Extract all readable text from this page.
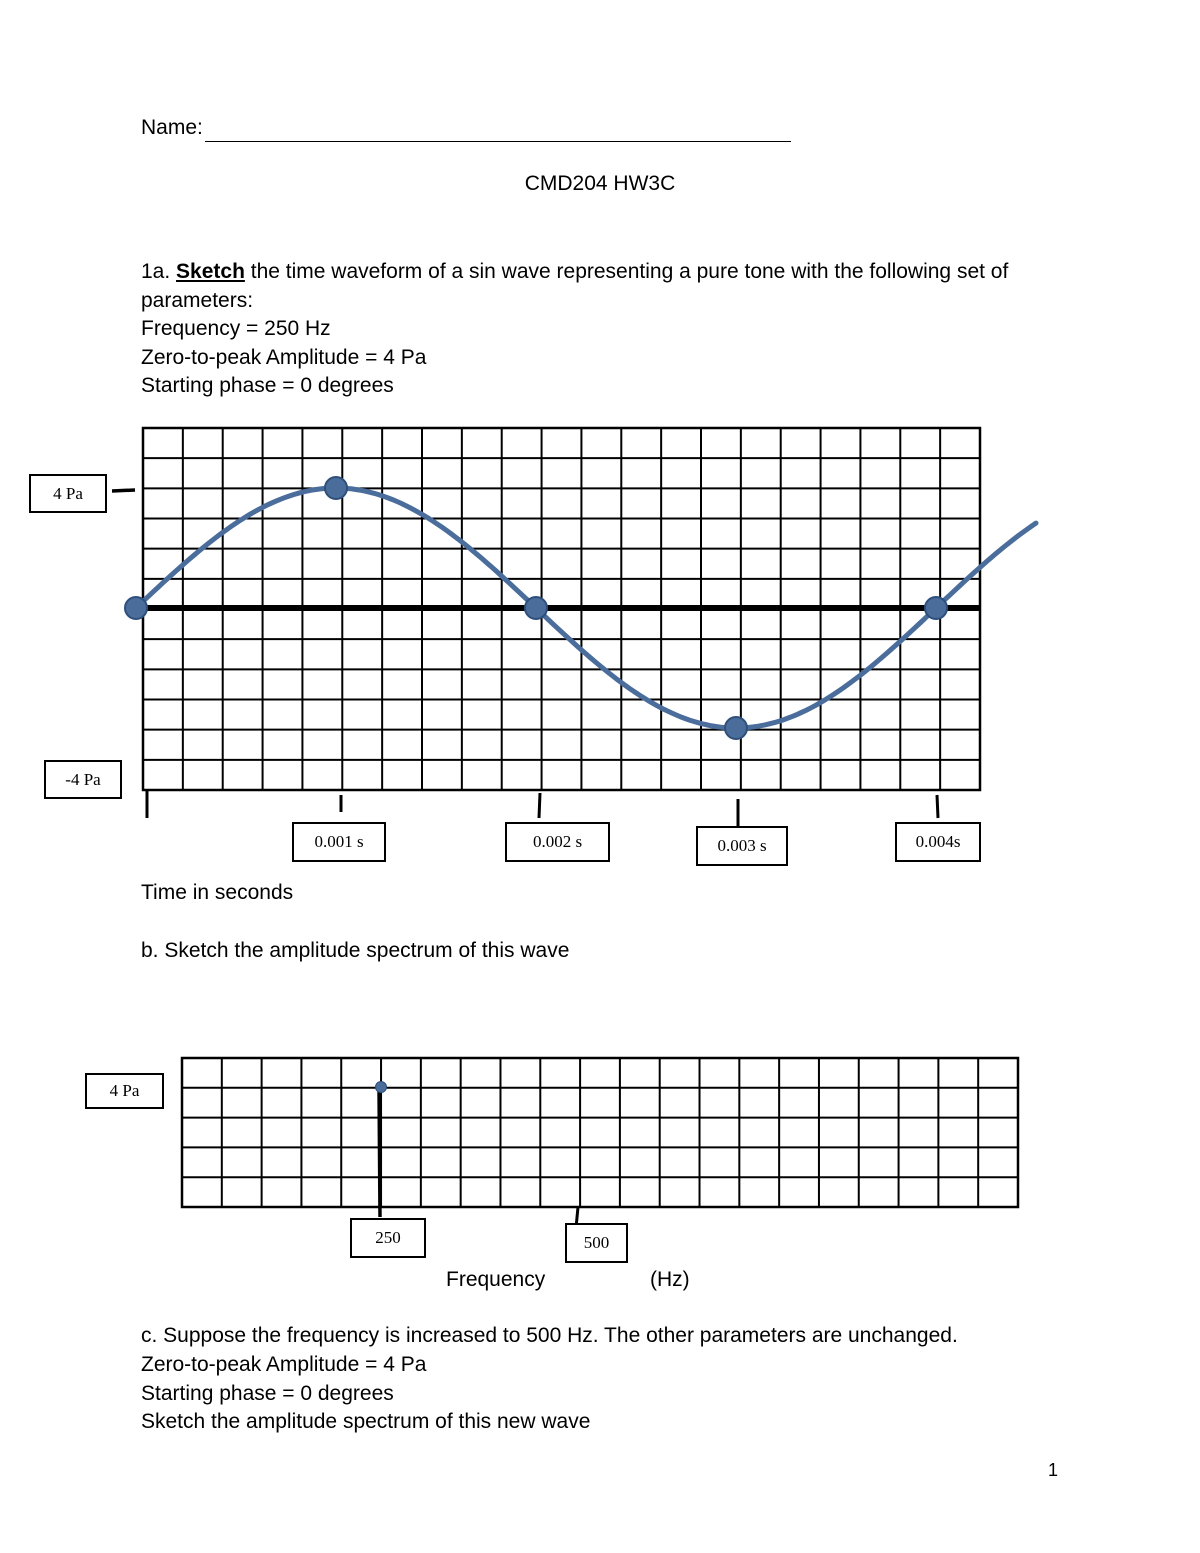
Name:
CMD204 HW3C
1a. Sketch the time waveform of a sin wave representing a pure tone with the following set of
parameters:
Frequency = 250 Hz
Zero-to-peak Amplitude = 4 Pa
Starting phase = 0 degrees
4 Pa
-4 Pa
0.001 s	0.002 s	0.003 s	0.004s
Time in seconds
b. Sketch the amplitude spectrum of this wave
4 Pa
250	500
Frequency	(Hz)
c. Suppose the frequency is increased to 500 Hz. The other parameters are unchanged.
Zero-to-peak Amplitude = 4 Pa
Starting phase = 0 degrees
Sketch the amplitude spectrum of this new wave
1
